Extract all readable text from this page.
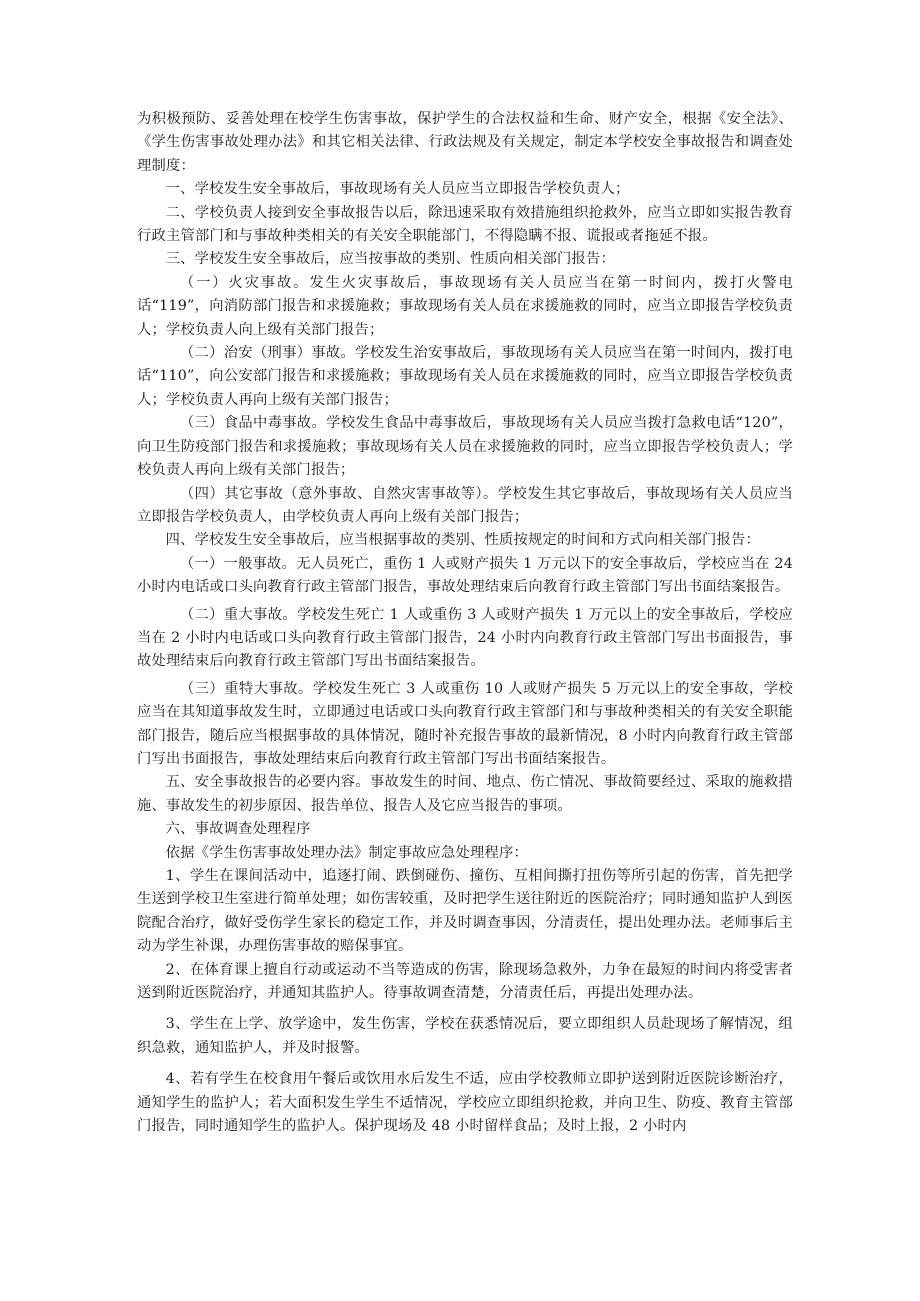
为积极预防、妥善处理在校学生伤害事故，保护学生的合法权益和生命、财产安全，根据《安全法》、《学生伤害事故处理办法》和其它相关法律、行政法规及有关规定，制定本学校安全事故报告和调查处理制度：

一、学校发生安全事故后，事故现场有关人员应当立即报告学校负责人；

二、学校负责人接到安全事故报告以后，除迅速采取有效措施组织抢救外，应当立即如实报告教育行政主管部门和与事故种类相关的有关安全职能部门，不得隐瞒不报、谎报或者拖延不报。

三、学校发生安全事故后，应当按事故的类别、性质向相关部门报告：

（一）火灾事故。发生火灾事故后，事故现场有关人员应当在第一时间内，拨打火警电话“119”，向消防部门报告和求援施救；事故现场有关人员在求援施救的同时，应当立即报告学校负责人；学校负责人向上级有关部门报告；

（二）治安（刑事）事故。学校发生治安事故后，事故现场有关人员应当在第一时间内，拨打电话“110”，向公安部门报告和求援施救；事故现场有关人员在求援施救的同时，应当立即报告学校负责人；学校负责人再向上级有关部门报告；

（三）食品中毒事故。学校发生食品中毒事故后，事故现场有关人员应当拨打急救电话“120”，向卫生防疫部门报告和求援施救；事故现场有关人员在求援施救的同时，应当立即报告学校负责人；学校负责人再向上级有关部门报告；

（四）其它事故（意外事故、自然灾害事故等）。学校发生其它事故后，事故现场有关人员应当立即报告学校负责人，由学校负责人再向上级有关部门报告；

四、学校发生安全事故后，应当根据事故的类别、性质按规定的时间和方式向相关部门报告：

（一）一般事故。无人员死亡，重伤 1 人或财产损失 1 万元以下的安全事故后，学校应当在 24 小时内电话或口头向教育行政主管部门报告，事故处理结束后向教育行政主管部门写出书面结案报告。

（二）重大事故。学校发生死亡 1 人或重伤 3 人或财产损失 1 万元以上的安全事故后，学校应当在 2 小时内电话或口头向教育行政主管部门报告，24 小时内向教育行政主管部门写出书面报告，事故处理结束后向教育行政主管部门写出书面结案报告。

（三）重特大事故。学校发生死亡 3 人或重伤 10 人或财产损失 5 万元以上的安全事故，学校应当在其知道事故发生时，立即通过电话或口头向教育行政主管部门和与事故种类相关的有关安全职能部门报告，随后应当根据事故的具体情况，随时补充报告事故的最新情况，8 小时内向教育行政主管部门写出书面报告，事故处理结束后向教育行政主管部门写出书面结案报告。

五、安全事故报告的必要内容。事故发生的时间、地点、伤亡情况、事故简要经过、采取的施救措施、事故发生的初步原因、报告单位、报告人及它应当报告的事项。

六、事故调查处理程序

依据《学生伤害事故处理办法》制定事故应急处理程序：

1、学生在课间活动中，追逐打闹、跌倒碰伤、撞伤、互相间撕打扭伤等所引起的伤害，首先把学生送到学校卫生室进行简单处理；如伤害较重，及时把学生送往附近的医院治疗；同时通知监护人到医院配合治疗，做好受伤学生家长的稳定工作，并及时调查事因，分清责任，提出处理办法。老师事后主动为学生补课，办理伤害事故的赔保事宜。

2、在体育课上擅自行动或运动不当等造成的伤害，除现场急救外，力争在最短的时间内将受害者送到附近医院治疗，并通知其监护人。待事故调查清楚，分清责任后，再提出处理办法。

3、学生在上学、放学途中，发生伤害，学校在获悉情况后，要立即组织人员赴现场了解情况，组织急救，通知监护人，并及时报警。

4、若有学生在校食用午餐后或饮用水后发生不适，应由学校教师立即护送到附近医院诊断治疗，通知学生的监护人；若大面积发生学生不适情况，学校应立即组织抢救，并向卫生、防疫、教育主管部门报告，同时通知学生的监护人。保护现场及 48 小时留样食品；及时上报，2 小时内
